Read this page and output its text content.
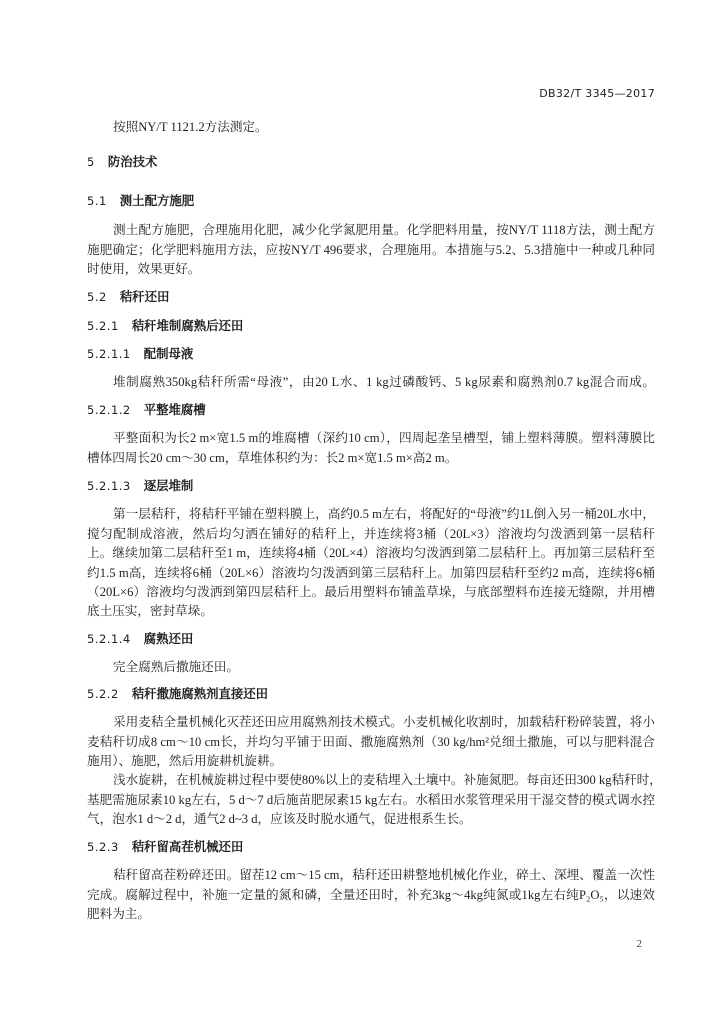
DB32/T 3345—2017
按照NY/T 1121.2方法测定。
5 防治技术
5.1 测土配方施肥
测土配方施肥，合理施用化肥，减少化学氮肥用量。化学肥料用量，按NY/T 1118方法，测土配方
施肥确定；化学肥料施用方法，应按NY/T 496要求，合理施用。本措施与5.2、5.3措施中一种或几种同
时使用，效果更好。
5.2 秸秆还田
5.2.1 秸秆堆制腐熟后还田
5.2.1.1 配制母液
堆制腐熟350kg秸秆所需“母液”，由20 L水、1 kg过磷酸钙、5 kg尿素和腐熟剂0.7 kg混合而成。
5.2.1.2 平整堆腐槽
平整面积为长2 m×宽1.5 m的堆腐槽（深约10 cm），四周起垄呈槽型，铺上塑料薄膜。塑料薄膜比
槽体四周长20 cm～30 cm，草堆体积约为：长2 m×宽1.5 m×高2 m。
5.2.1.3 逐层堆制
第一层秸秆，将秸秆平铺在塑料膜上，高约0.5 m左右，将配好的“母液”约1L倒入另一桶20L水中，
搅匀配制成溶液，然后均匀洒在铺好的秸秆上，并连续将3桶（20L×3）溶液均匀泼洒到第一层秸秆
上。继续加第二层秸秆至1 m，连续将4桶（20L×4）溶液均匀泼洒到第二层秸秆上。再加第三层秸秆至
约1.5 m高，连续将6桶（20L×6）溶液均匀泼洒到第三层秸秆上。加第四层秸秆至约2 m高，连续将6桶
（20L×6）溶液均匀泼洒到第四层秸秆上。最后用塑料布铺盖草垛，与底部塑料布连接无缝隙，并用槽
底土压实，密封草垛。
5.2.1.4 腐熟还田
完全腐熟后撒施还田。
5.2.2 秸秆撒施腐熟剂直接还田
采用麦秸全量机械化灭茬还田应用腐熟剂技术模式。小麦机械化收割时，加载秸秆粉碎装置，将小
麦秸秆切成8 cm～10 cm长，并均匀平铺于田面、撒施腐熟剂（30 kg/hm²兑细土撒施，可以与肥料混合
施用）、施肥，然后用旋耕机旋耕。
浅水旋耕，在机械旋耕过程中要使80%以上的麦秸埋入土壤中。补施氮肥。每亩还田300 kg秸秆时，
基肥需施尿素10 kg左右，5 d～7 d后施苗肥尿素15 kg左右。水稻田水浆管理采用干湿交替的模式调水控
气，泡水1 d～2 d，通气2 d~3 d，应该及时脱水通气，促进根系生长。
5.2.3 秸秆留高茬机械还田
秸秆留高茬粉碎还田。留茬12 cm～15 cm，秸秆还田耕整地机械化作业，碎土、深埋、覆盖一次性
完成。腐解过程中，补施一定量的氮和磷，全量还田时，补充3kg～4kg纯氮或1kg左右纯P₂O₅，以速效
肥料为主。
2
